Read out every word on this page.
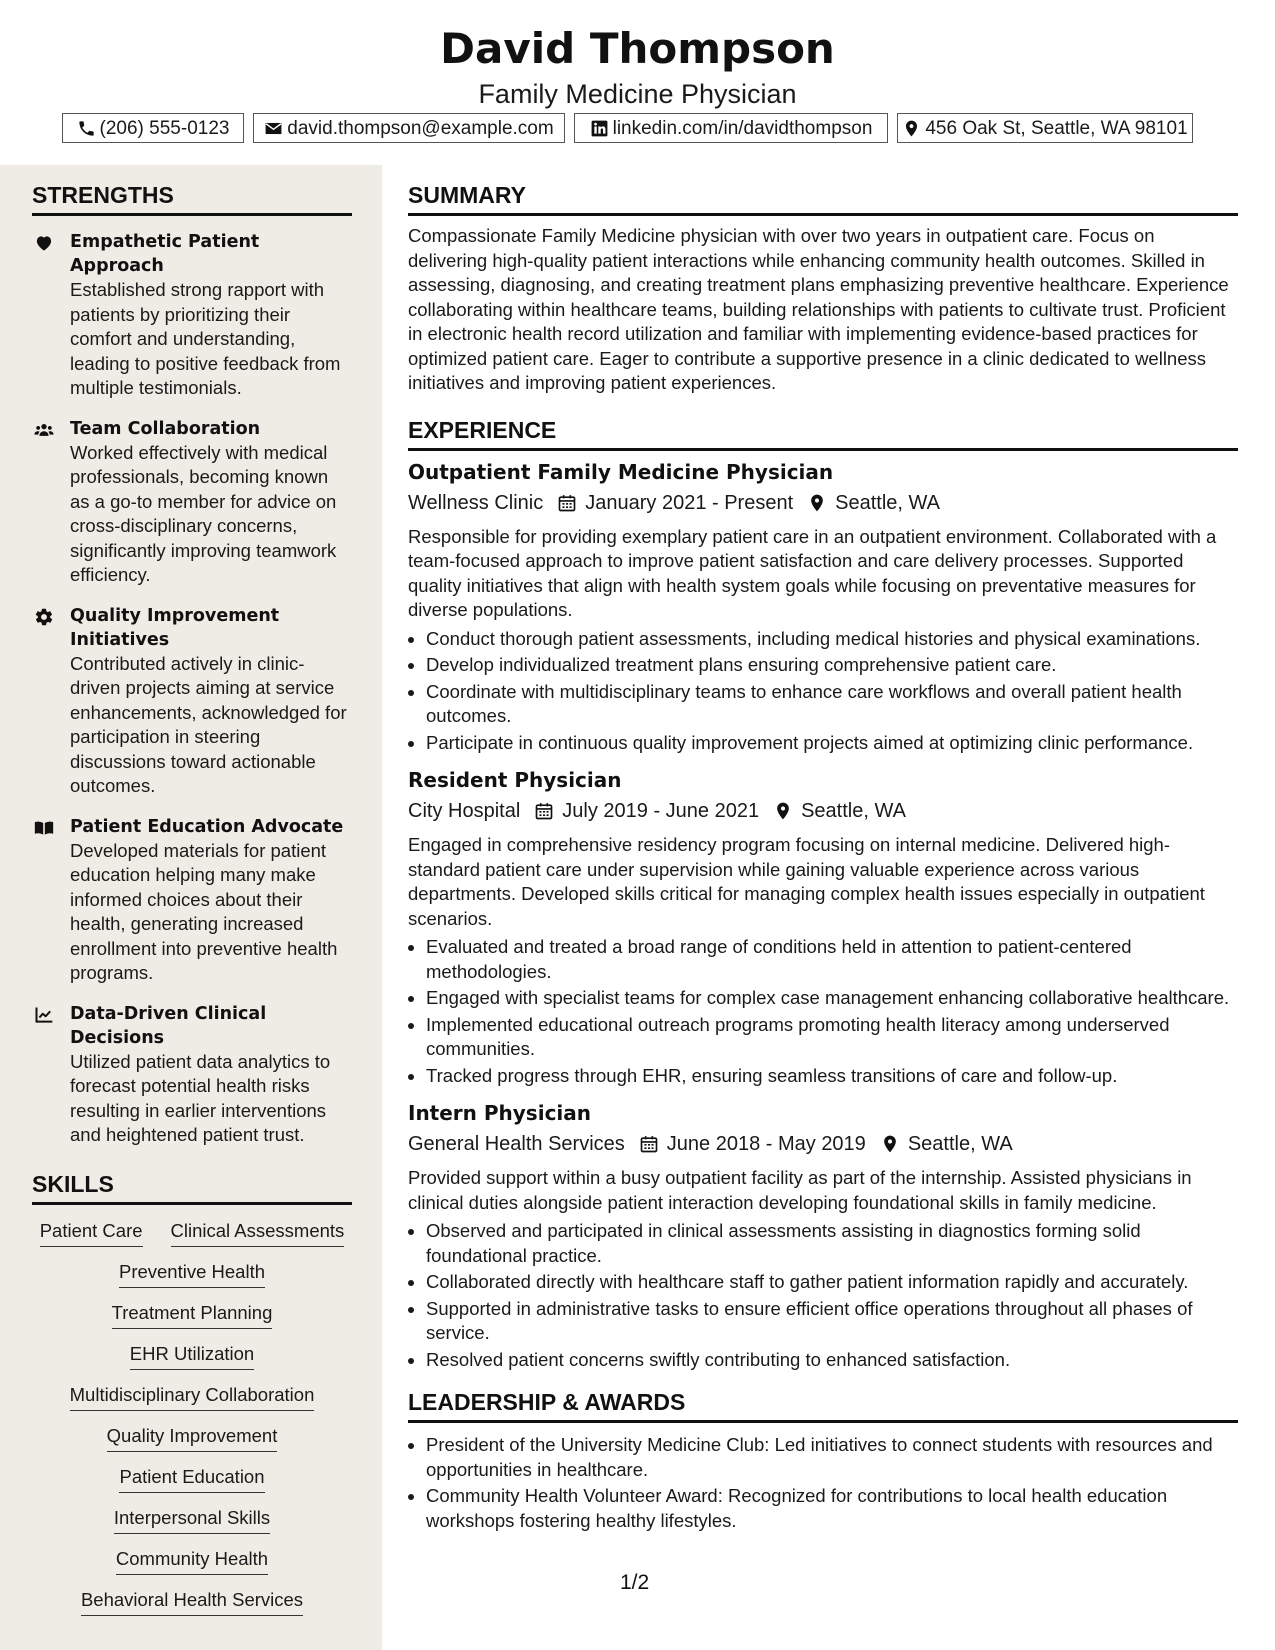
David Thompson
Family Medicine Physician
(206) 555-0123	david.thompson@example.com	linkedin.com/in/davidthompson	456 Oak St, Seattle, WA 98101
STRENGTHS
Empathetic Patient Approach
Established strong rapport with patients by prioritizing their comfort and understanding, leading to positive feedback from multiple testimonials.
Team Collaboration
Worked effectively with medical professionals, becoming known as a go-to member for advice on cross-disciplinary concerns, significantly improving teamwork efficiency.
Quality Improvement Initiatives
Contributed actively in clinic-driven projects aiming at service enhancements, acknowledged for participation in steering discussions toward actionable outcomes.
Patient Education Advocate
Developed materials for patient education helping many make informed choices about their health, generating increased enrollment into preventive health programs.
Data-Driven Clinical Decisions
Utilized patient data analytics to forecast potential health risks resulting in earlier interventions and heightened patient trust.
SKILLS
Patient Care Clinical Assessments
Preventive Health
Treatment Planning
EHR Utilization
Multidisciplinary Collaboration
Quality Improvement
Patient Education
Interpersonal Skills
Community Health
Behavioral Health Services
SUMMARY
Compassionate Family Medicine physician with over two years in outpatient care. Focus on delivering high-quality patient interactions while enhancing community health outcomes. Skilled in assessing, diagnosing, and creating treatment plans emphasizing preventive healthcare. Experience collaborating within healthcare teams, building relationships with patients to cultivate trust. Proficient in electronic health record utilization and familiar with implementing evidence-based practices for optimized patient care. Eager to contribute a supportive presence in a clinic dedicated to wellness initiatives and improving patient experiences.
EXPERIENCE
Outpatient Family Medicine Physician
Wellness Clinic January 2021 - Present Seattle, WA
Responsible for providing exemplary patient care in an outpatient environment. Collaborated with a team-focused approach to improve patient satisfaction and care delivery processes. Supported quality initiatives that align with health system goals while focusing on preventative measures for diverse populations.
• Conduct thorough patient assessments, including medical histories and physical examinations.
• Develop individualized treatment plans ensuring comprehensive patient care.
• Coordinate with multidisciplinary teams to enhance care workflows and overall patient health outcomes.
• Participate in continuous quality improvement projects aimed at optimizing clinic performance.
Resident Physician
City Hospital July 2019 - June 2021 Seattle, WA
Engaged in comprehensive residency program focusing on internal medicine. Delivered high-standard patient care under supervision while gaining valuable experience across various departments. Developed skills critical for managing complex health issues especially in outpatient scenarios.
• Evaluated and treated a broad range of conditions held in attention to patient-centered methodologies.
• Engaged with specialist teams for complex case management enhancing collaborative healthcare.
• Implemented educational outreach programs promoting health literacy among underserved communities.
• Tracked progress through EHR, ensuring seamless transitions of care and follow-up.
Intern Physician
General Health Services June 2018 - May 2019 Seattle, WA
Provided support within a busy outpatient facility as part of the internship. Assisted physicians in clinical duties alongside patient interaction developing foundational skills in family medicine.
• Observed and participated in clinical assessments assisting in diagnostics forming solid foundational practice.
• Collaborated directly with healthcare staff to gather patient information rapidly and accurately.
• Supported in administrative tasks to ensure efficient office operations throughout all phases of service.
• Resolved patient concerns swiftly contributing to enhanced satisfaction.
LEADERSHIP & AWARDS
• President of the University Medicine Club: Led initiatives to connect students with resources and opportunities in healthcare.
• Community Health Volunteer Award: Recognized for contributions to local health education workshops fostering healthy lifestyles.
1/2
